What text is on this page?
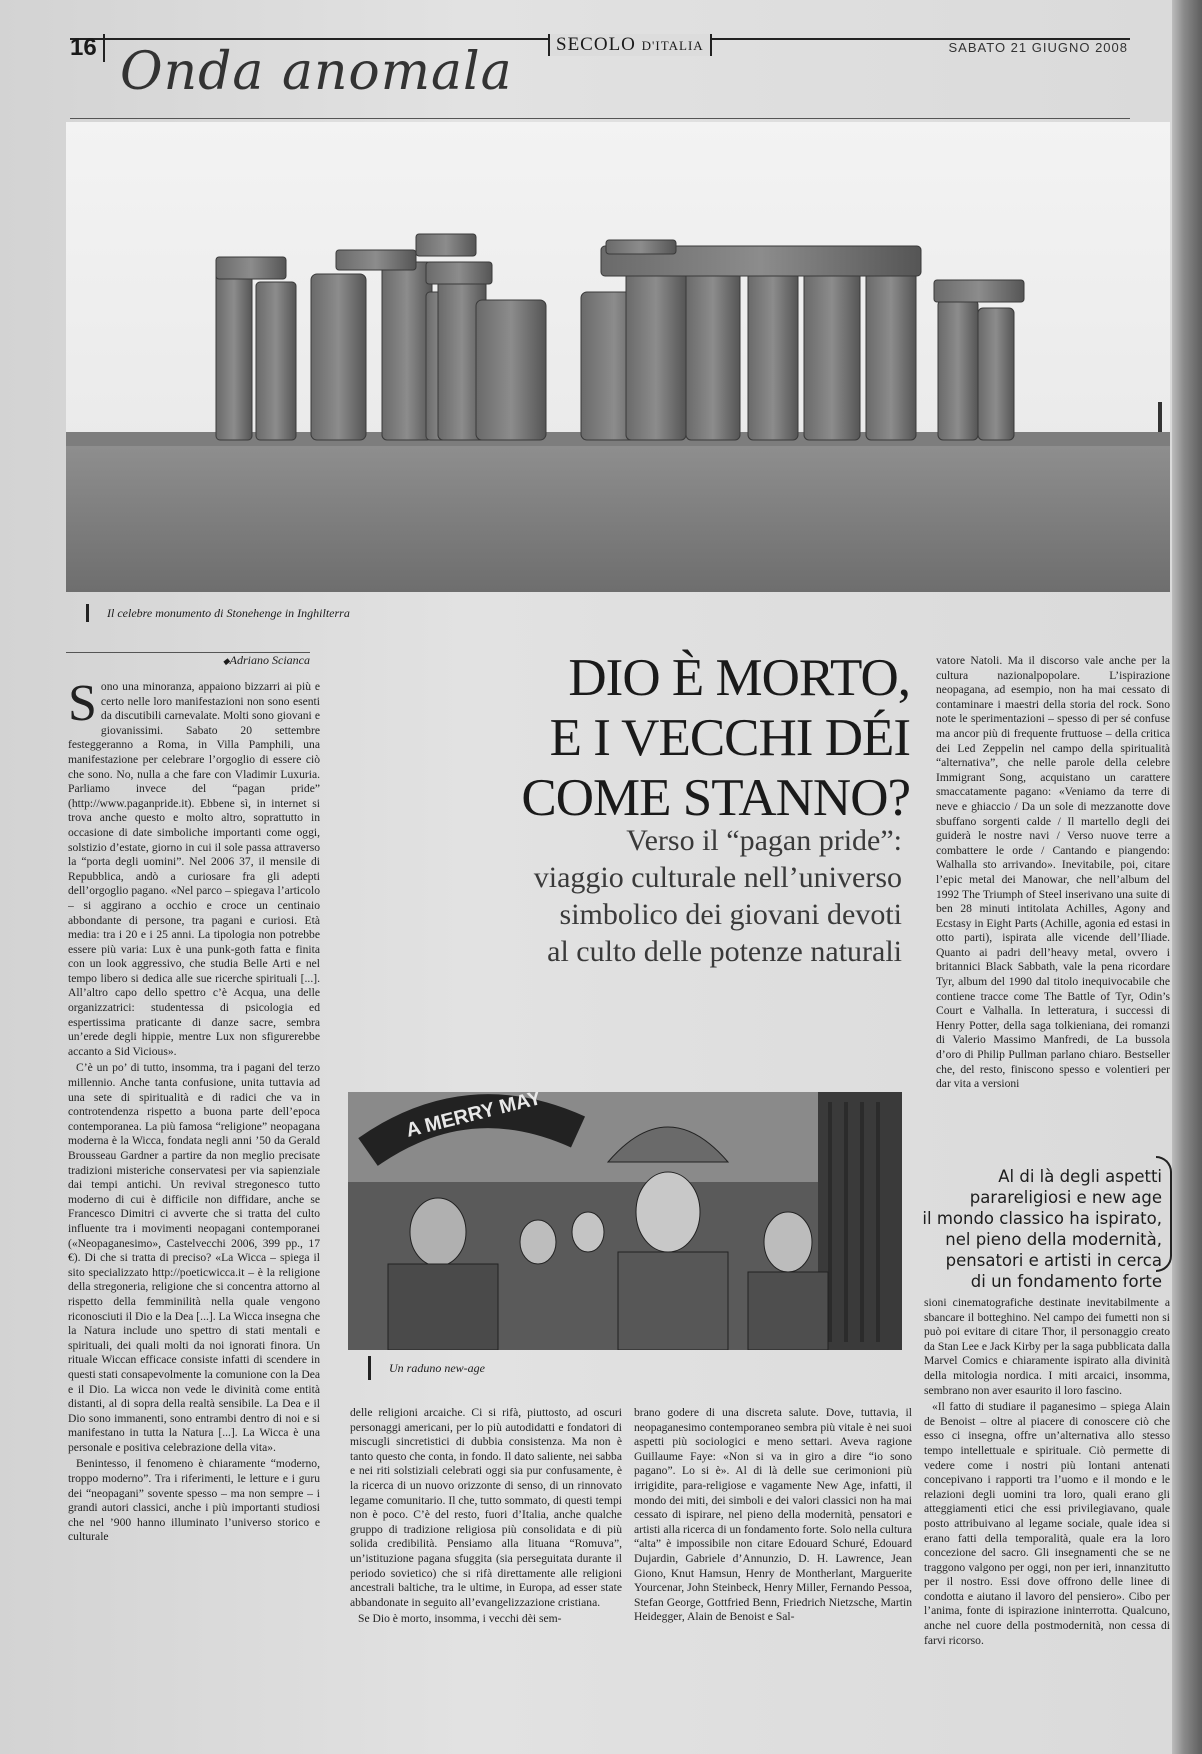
16 Onda anomala	SECOLO D'ITALIA	SABATO 21 GIUGNO 2008
Il celebre monumento di Stonehenge in Inghilterra
◆ Adriano Scianca	DIO È MORTO,
E I VECCHI DÉI
COME STANNO?
Verso il “pagan pride”:
viaggio culturale nell’universo
simbolico dei giovani devoti
al culto delle potenze naturali

Sono una minoranza, appaiono bizzarri ai più e certo nelle loro manifestazioni non sono esenti da discutibili carnevalate. Molti sono giovani e giovanissimi. Sabato 20 settembre festeggeranno a Roma, in Villa Pamphili, una manifestazione per celebrare l’orgoglio di essere ciò che sono. No, nulla a che fare con Vladimir Luxuria. Parliamo invece del “pagan pride” (http://www.paganpride.it). Ebbene sì, in internet si trova anche questo e molto altro, soprattutto in occasione di date simboliche importanti come oggi, solstizio d’estate, giorno in cui il sole passa attraverso la “porta degli uomini”. Nel 2006 37, il mensile di Repubblica, andò a curiosare fra gli adepti dell’orgoglio pagano. «Nel parco – spiegava l’articolo – si aggirano a occhio e croce un centinaio abbondante di persone, tra pagani e curiosi. Età media: tra i 20 e i 25 anni. La tipologia non potrebbe essere più varia: Lux è una punk-goth fatta e finita con un look aggressivo, che studia Belle Arti e nel tempo libero si dedica alle sue ricerche spirituali [...]. All’altro capo dello spettro c’è Acqua, una delle organizzatrici: studentessa di psicologia ed espertissima praticante di danze sacre, sembra un’erede degli hippie, mentre Lux non sfigurerebbe accanto a Sid Vicious».

C’è un po’ di tutto, insomma, tra i pagani del terzo millennio. Anche tanta confusione, unita tuttavia ad una sete di spiritualità e di radici che va in controtendenza rispetto a buona parte dell’epoca contemporanea. La più famosa “religione” neopagana moderna è la Wicca, fondata negli anni ’50 da Gerald Brousseau Gardner a partire da non meglio precisate tradizioni misteriche conservatesi per via sapienziale dai tempi antichi. Un revival stregonesco tutto moderno di cui è difficile non diffidare, anche se Francesco Dimitri ci avverte che si tratta del culto influente tra i movimenti neopagani contemporanei («Neopaganesimo», Castelvecchi 2006, 399 pp., 17 €). Di che si tratta di preciso? «La Wicca – spiega il sito specializzato http://poeticwicca.it – è la religione della stregoneria, religione che si concentra attorno al rispetto della femminilità nella quale vengono riconosciuti il Dio e la Dea [...]. La Wicca insegna che la Natura include uno spettro di stati mentali e spirituali, dei quali molti da noi ignorati finora. Un rituale Wiccan efficace consiste infatti di scendere in questi stati consapevolmente la comunione con la Dea e il Dio. La wicca non vede le divinità come entità distanti, al di sopra della realtà sensibile. La Dea e il Dio sono immanenti, sono entrambi dentro di noi e si manifestano in tutta la Natura [...]. La Wicca è una personale e positiva celebrazione della vita».

Benintesso, il fenomeno è chiaramente “moderno, troppo moderno”. Tra i riferimenti, le letture e i guru dei “neopagani” sovente spesso – ma non sempre – i grandi autori classici, anche i più importanti studiosi che nel ’900 hanno illuminato l’universo storico e culturale

vatore Natoli. Ma il discorso vale anche per la cultura nazionalpopolare. L’ispirazione neopagana, ad esempio, non ha mai cessato di contaminare i maestri della storia del rock. Sono note le sperimentazioni – spesso di per sé confuse ma ancor più di frequente fruttuose – della critica dei Led Zeppelin nel campo della spiritualità “alternativa”, che nelle parole della celebre Immigrant Song, acquistano un carattere smaccatamente pagano: «Veniamo da terre di neve e ghiaccio / Da un sole di mezzanotte dove sbuffano sorgenti calde / Il martello degli dei guiderà le nostre navi / Verso nuove terre a combattere le orde / Cantando e piangendo: Walhalla sto arrivando». Inevitabile, poi, citare l’epic metal dei Manowar, che nell’album del 1992 The Triumph of Steel inserivano una suite di ben 28 minuti intitolata Achilles, Agony and Ecstasy in Eight Parts (Achille, agonia ed estasi in otto parti), ispirata alle vicende dell’Iliade. Quanto ai padri dell’heavy metal, ovvero i britannici Black Sabbath, vale la pena ricordare Tyr, album del 1990 dal titolo inequivocabile che contiene tracce come The Battle of Tyr, Odin’s Court e Valhalla. In letteratura, i successi di Henry Potter, della saga tolkieniana, dei romanzi di Valerio Massimo Manfredi, de La bussola d’oro di Philip Pullman parlano chiaro. Bestseller che, del resto, finiscono spesso e volentieri per dar vita a versioni

A MERRY MAY
Un raduno new-age
Al di là degli aspetti
parareligiosi e new age
il mondo classico ha ispirato,
nel pieno della modernità,
pensatori e artisti in cerca
di un fondamento forte

sioni cinematografiche destinate inevitabilmente a sbancare il botteghino. Nel campo dei fumetti non si può poi evitare di citare Thor, il personaggio creato da Stan Lee e Jack Kirby per la saga pubblicata dalla Marvel Comics e chiaramente ispirato alla divinità della mitologia nordica. I miti arcaici, insomma, sembrano non aver esaurito il loro fascino.

«Il fatto di studiare il paganesimo – spiega Alain de Benoist – oltre al piacere di conoscere ciò che esso ci insegna, offre un’alternativa allo stesso tempo intellettuale e spirituale. Ciò permette di vedere come i nostri più lontani antenati concepivano i rapporti tra l’uomo e il mondo e le relazioni degli uomini tra loro, quali erano gli atteggiamenti etici che essi privilegiavano, quale posto attribuivano al legame sociale, quale idea si erano fatti della temporalità, quale era la loro concezione del sacro. Gli insegnamenti che se ne traggono valgono per oggi, non per ieri, innanzitutto per il nostro. Essi dove offrono delle linee di condotta e aiutano il lavoro del pensiero». Cibo per l’anima, fonte di ispirazione ininterrotta. Qualcuno, anche nel cuore della postmodernità, non cessa di farvi ricorso.

delle religioni arcaiche. Ci si rifà, piuttosto, ad oscuri personaggi americani, per lo più autodidatti e fondatori di miscugli sincretistici di dubbia consistenza. Ma non è tanto questo che conta, in fondo. Il dato saliente, nei sabba e nei riti solstiziali celebrati oggi sia pur confusamente, è la ricerca di un nuovo orizzonte di senso, di un rinnovato legame comunitario. Il che, tutto sommato, di questi tempi non è poco. C’è del resto, fuori d’Italia, anche qualche gruppo di tradizione religiosa più consolidata e di più solida credibilità. Pensiamo alla lituana “Romuva”, un’istituzione pagana sfuggita (sia perseguitata durante il periodo sovietico) che si rifà direttamente alle religioni ancestrali baltiche, tra le ultime, in Europa, ad esser state abbandonate in seguito all’evangelizzazione cristiana.

Se Dio è morto, insomma, i vecchi dèi sem-

brano godere di una discreta salute. Dove, tuttavia, il neopaganesimo contemporaneo sembra più vitale è nei suoi aspetti più sociologici e meno settari. Aveva ragione Guillaume Faye: «Non si va in giro a dire “io sono pagano”. Lo si è». Al di là delle sue cerimonioni più irrigidite, para-religiose e vagamente New Age, infatti, il mondo dei miti, dei simboli e dei valori classici non ha mai cessato di ispirare, nel pieno della modernità, pensatori e artisti alla ricerca di un fondamento forte. Solo nella cultura “alta” è impossibile non citare Edouard Schuré, Edouard Dujardin, Gabriele d’Annunzio, D. H. Lawrence, Jean Giono, Knut Hamsun, Henry de Montherlant, Marguerite Yourcenar, John Steinbeck, Henry Miller, Fernando Pessoa, Stefan George, Gottfried Benn, Friedrich Nietzsche, Martin Heidegger, Alain de Benoist e Sal-
